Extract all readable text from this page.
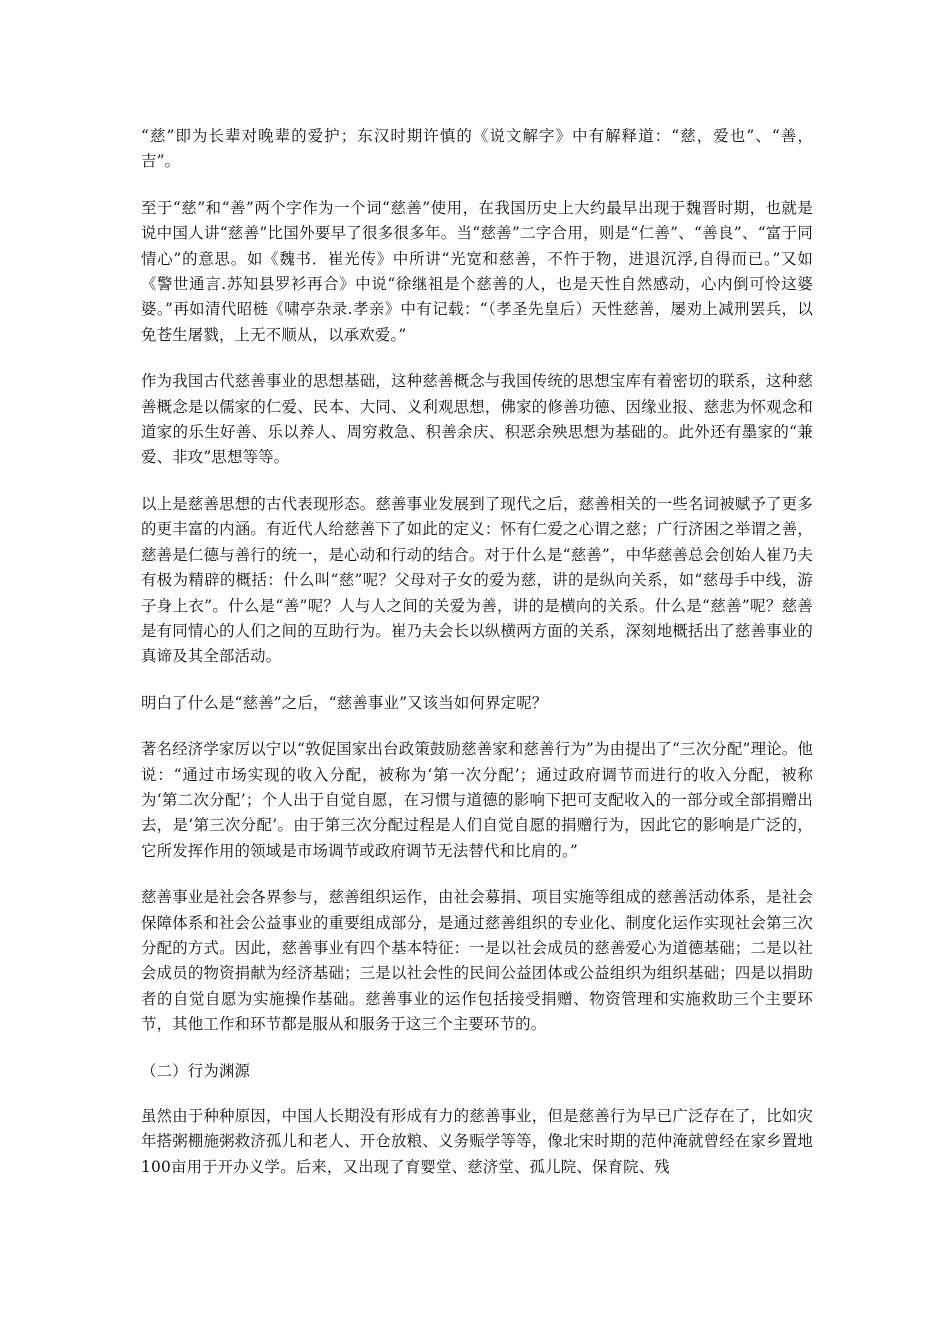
“慈”即为长辈对晚辈的爱护；东汉时期许慎的《说文解字》中有解释道：“慈，爱也”、“善，吉”。

至于“慈”和“善”两个字作为一个词“慈善”使用，在我国历史上大约最早出现于魏晋时期，也就是说中国人讲“慈善”比国外要早了很多很多年。当“慈善”二字合用，则是“仁善”、“善良”、“富于同情心”的意思。如《魏书．崔光传》中所讲“光宽和慈善，不忤于物，进退沉浮,自得而已。”又如《警世通言.苏知县罗衫再合》中说“徐继祖是个慈善的人，也是天性自然感动，心内倒可怜这婆婆。”再如清代昭梿《啸亭杂录.孝亲》中有记载：“（孝圣先皇后）天性慈善，屡劝上减刑罢兵，以免苍生屠戮，上无不顺从，以承欢爱。”

作为我国古代慈善事业的思想基础，这种慈善概念与我国传统的思想宝库有着密切的联系，这种慈善概念是以儒家的仁爱、民本、大同、义利观思想，佛家的修善功德、因缘业报、慈悲为怀观念和道家的乐生好善、乐以养人、周穷救急、积善余庆、积恶余殃思想为基础的。此外还有墨家的“兼爱、非攻”思想等等。

以上是慈善思想的古代表现形态。慈善事业发展到了现代之后，慈善相关的一些名词被赋予了更多的更丰富的内涵。有近代人给慈善下了如此的定义：怀有仁爱之心谓之慈；广行济困之举谓之善，慈善是仁德与善行的统一，是心动和行动的结合。对于什么是“慈善”，中华慈善总会创始人崔乃夫有极为精辟的概括：什么叫“慈”呢？父母对子女的爱为慈，讲的是纵向关系，如“慈母手中线，游子身上衣”。什么是“善”呢？人与人之间的关爱为善，讲的是横向的关系。什么是“慈善”呢？慈善是有同情心的人们之间的互助行为。崔乃夫会长以纵横两方面的关系，深刻地概括出了慈善事业的真谛及其全部活动。

明白了什么是“慈善”之后，“慈善事业”又该当如何界定呢？

著名经济学家厉以宁以“敦促国家出台政策鼓励慈善家和慈善行为”为由提出了“三次分配”理论。他说：“通过市场实现的收入分配，被称为‘第一次分配’；通过政府调节而进行的收入分配，被称为‘第二次分配’；个人出于自觉自愿，在习惯与道德的影响下把可支配收入的一部分或全部捐赠出去，是‘第三次分配’。由于第三次分配过程是人们自觉自愿的捐赠行为，因此它的影响是广泛的，它所发挥作用的领域是市场调节或政府调节无法替代和比肩的。”

慈善事业是社会各界参与，慈善组织运作，由社会募捐、项目实施等组成的慈善活动体系，是社会保障体系和社会公益事业的重要组成部分，是通过慈善组织的专业化、制度化运作实现社会第三次分配的方式。因此，慈善事业有四个基本特征：一是以社会成员的慈善爱心为道德基础；二是以社会成员的物资捐献为经济基础；三是以社会性的民间公益团体或公益组织为组织基础；四是以捐助者的自觉自愿为实施操作基础。慈善事业的运作包括接受捐赠、物资管理和实施救助三个主要环节，其他工作和环节都是服从和服务于这三个主要环节的。

（二）行为渊源

虽然由于种种原因，中国人长期没有形成有力的慈善事业，但是慈善行为早已广泛存在了，比如灾年搭粥棚施粥救济孤儿和老人、开仓放粮、义务赈学等等，像北宋时期的范仲淹就曾经在家乡置地100亩用于开办义学。后来，又出现了育婴堂、慈济堂、孤儿院、保育院、残
